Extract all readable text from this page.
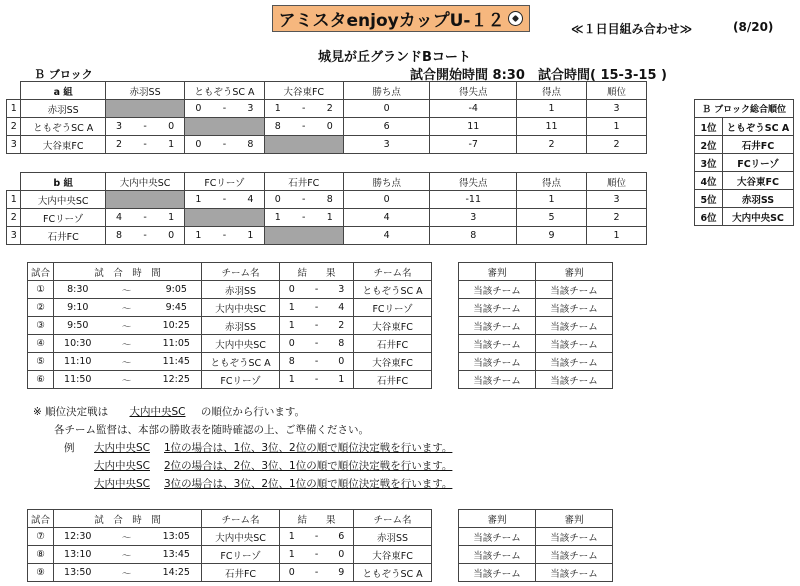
アミスタenjoyカップU-１２	≪１日目組み合わせ≫	(8/20)
城見が丘グランドBコート
試合開始時間 8:30 試合時間( 15-3-15 )
Ｂ ブロック
	a 組	赤羽SS			ともぞうSC A			大谷東FC			勝ち点	得失点	得点	順位
1	赤羽SS				0	-	3	1	-	2	0	-4	1	3
2	ともぞうSC A	3	-	0				8	-	0	6	11	11	1
3	大谷東FC	2	-	1	0	-	8				3	-7	2	2
	b 組	大内中央SC			FCリーゾ			石井FC			勝ち点	得失点	得点	順位
1	大内中央SC				1	-	4	0	-	8	0	-11	1	3
2	FCリーゾ	4	-	1				1	-	1	4	3	5	2
3	石井FC	8	-	0	1	-	1				4	8	9	1
Ｂ ブロック総合順位	
1位	ともぞうSC A
2位	石井FC
3位	FCリーゾ
4位	大谷東FC
5位	赤羽SS
6位	大内中央SC
試合	試　合　時　間			チーム名	結　　果			チーム名
①	8:30	〜	9:05	赤羽SS	0	-	3	ともぞうSC A
②	9:10	〜	9:45	大内中央SC	1	-	4	FCリーゾ
③	9:50	〜	10:25	赤羽SS	1	-	2	大谷東FC
④	10:30	〜	11:05	大内中央SC	0	-	8	石井FC
⑤	11:10	〜	11:45	ともぞうSC A	8	-	0	大谷東FC
⑥	11:50	〜	12:25	FCリーゾ	1	-	1	石井FC
審判	審判
当該チーム	当該チーム
当該チーム	当該チーム
当該チーム	当該チーム
当該チーム	当該チーム
当該チーム	当該チーム
当該チーム	当該チーム
※ 順位決定戦は 大内中央SC の順位から行います。
各チーム監督は、本部の勝敗表を随時確認の上、ご準備ください。
例 大内中央SC 1位の場合は、1位、3位、2位の順で順位決定戦を行います。
大内中央SC 2位の場合は、2位、3位、1位の順で順位決定戦を行います。
大内中央SC 3位の場合は、3位、2位、1位の順で順位決定戦を行います。
試合	試　合　時　間			チーム名	結　　果			チーム名
⑦	12:30	〜	13:05	大内中央SC	1	-	6	赤羽SS
⑧	13:10	〜	13:45	FCリーゾ	1	-	0	大谷東FC
⑨	13:50	〜	14:25	石井FC	0	-	9	ともぞうSC A
審判	審判
当該チーム	当該チーム
当該チーム	当該チーム
当該チーム	当該チーム
